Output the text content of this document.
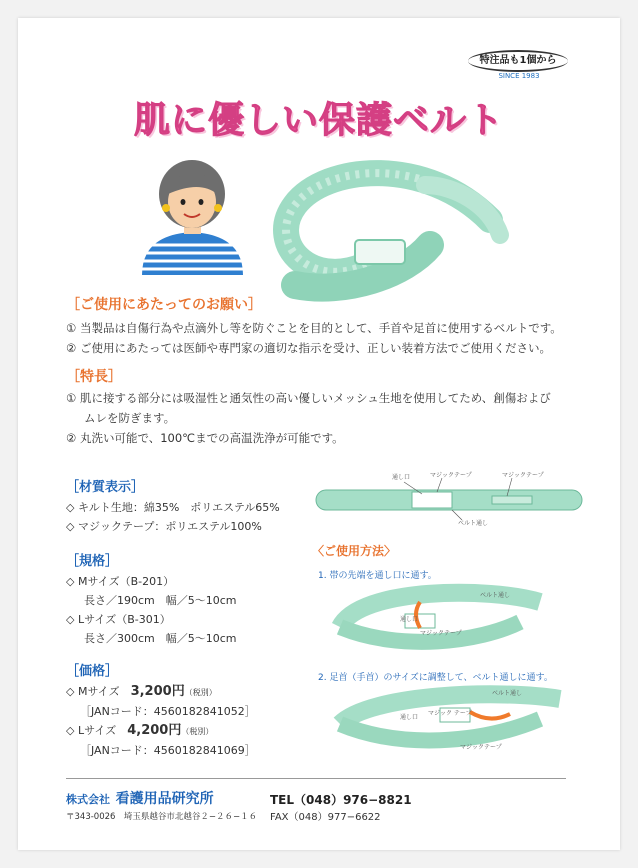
特注品も1個から
SINCE 1983
肌に優しい保護ベルト
［ご使用にあたってのお願い］
① 当製品は自傷行為や点滴外し等を防ぐことを目的として、手首や足首に使用するベルトです。
② ご使用にあたっては医師や専門家の適切な指示を受け、正しい装着方法でご使用ください。
［特長］
① 肌に接する部分には吸湿性と通気性の高い優しいメッシュ生地を使用してため、創傷および
ムレを防ぎます。
② 丸洗い可能で、100℃までの高温洗浄が可能です。
［材質表示］
◇ キルト生地：綿35%　ポリエステル65%
◇ マジックテープ：ポリエステル100%
［規格］
◇ Mサイズ（B-201）
長さ／190cm　幅／5〜10cm
◇ Lサイズ（B-301）
長さ／300cm　幅／5〜10cm
［価格］
◇ Mサイズ　 3,200円（税別）
［JANコード：4560182841052］
◇ Lサイズ　 4,200円（税別）
［JANコード：4560182841069］
通し口	マジックテープ	マジックテープ
ベルト通し
〈ご使用方法〉
1. 帯の先端を通し口に通す。
ベルト通し
通し口
マジックテープ
2. 足首（手首）のサイズに調整して、ベルト通しに通す。
ベルト通し
通し口
マジック テープ
マジックテープ
株式会社 看護用品研究所
〒343-0026　埼玉県越谷市北越谷２−２６−１６
TEL（048）976−8821
FAX（048）977−6622
